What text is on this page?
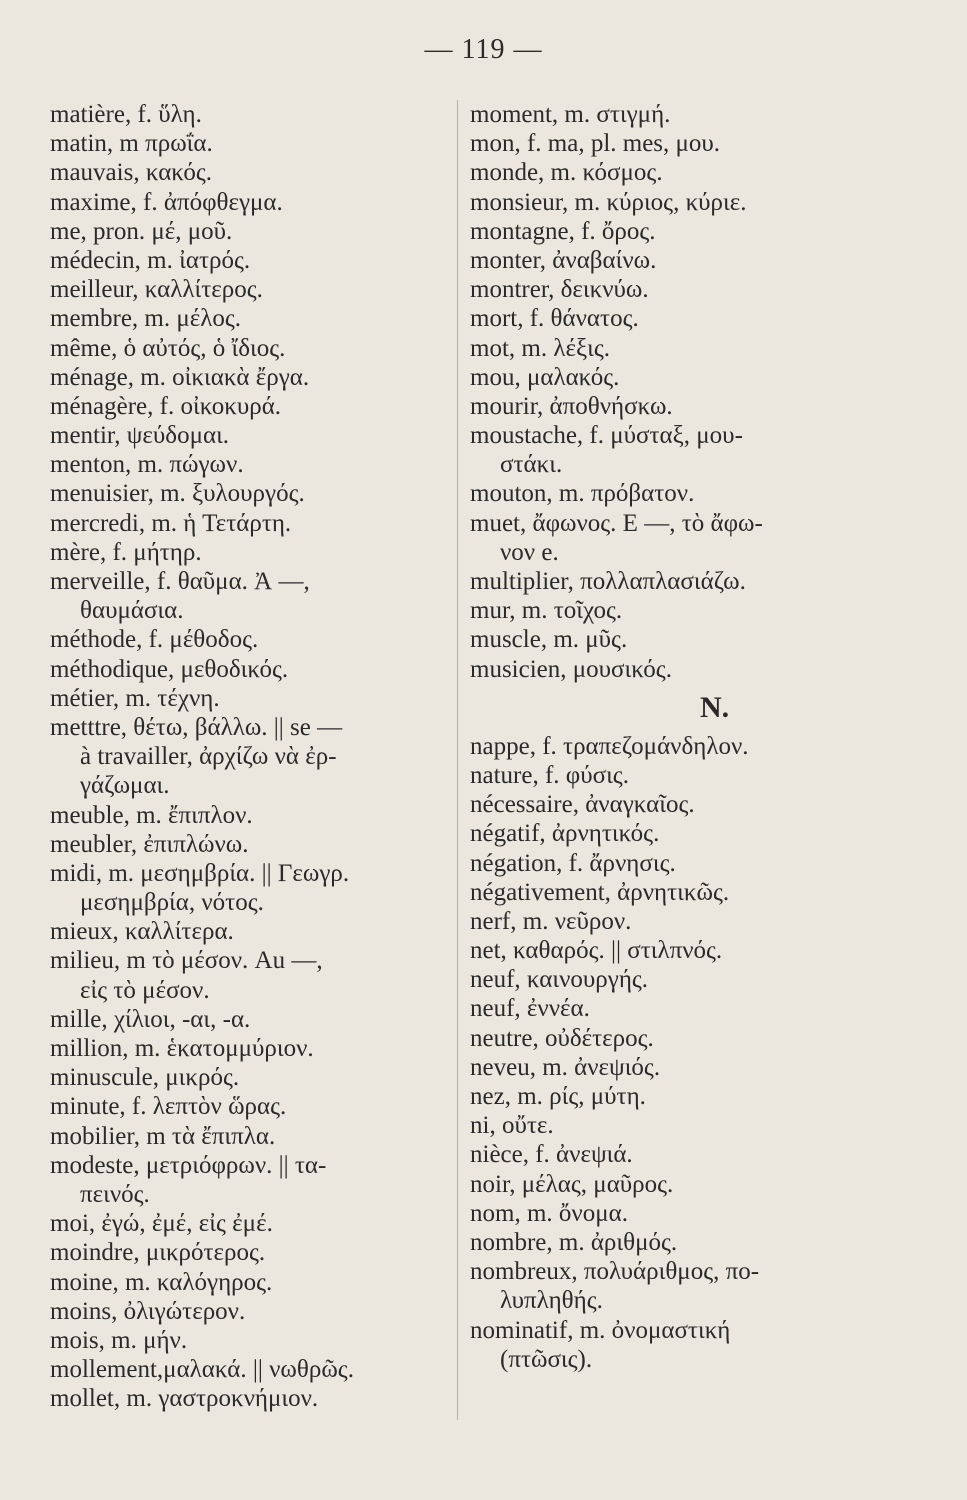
— 119 —
matière, f. ὕλη.
matin, m πρωΐα.
mauvais, κακός.
maxime, f. ἀπόφθεγμα.
me, pron. μέ, μοῦ.
médecin, m. ἰατρός.
meilleur, καλλίτερος.
membre, m. μέλος.
même, ὁ αὐτός, ὁ ἴδιος.
ménage, m. οἰκιακὰ ἔργα.
ménagère, f. οἰκοκυρά.
mentir, ψεύδομαι.
menton, m. πώγων.
menuisier, m. ξυλουργός.
mercredi, m. ἡ Τετάρτη.
mère, f. μήτηρ.
merveille, f. θαῦμα. Ἀ —,
θαυμάσια.
méthode, f. μέθοδος.
méthodique, μεθοδικός.
métier, m. τέχνη.
metttre, θέτω, βάλλω. || se —
à travailler, ἀρχίζω νὰ ἐρ-
γάζωμαι.
meuble, m. ἔπιπλον.
meubler, ἐπιπλώνω.
midi, m. μεσημβρία. || Γεωγρ.
μεσημβρία, νότος.
mieux, καλλίτερα.
milieu, m τὸ μέσον. Au —,
εἰς τὸ μέσον.
mille, χίλιοι, -αι, -α.
million, m. ἑκατομμύριον.
minuscule, μικρός.
minute, f. λεπτὸν ὥρας.
mobilier, m τὰ ἔπιπλα.
modeste, μετριόφρων. || τα-
πεινός.
moi, ἐγώ, ἐμέ, εἰς ἐμέ.
moindre, μικρότερος.
moine, m. καλόγηρος.
moins, ὀλιγώτερον.
mois, m. μήν.
mollement,μαλακά. || νωθρῶς.
mollet, m. γαστροκνήμιον.
moment, m. στιγμή.
mon, f. ma, pl. mes, μου.
monde, m. κόσμος.
monsieur, m. κύριος, κύριε.
montagne, f. ὄρος.
monter, ἀναβαίνω.
montrer, δεικνύω.
mort, f. θάνατος.
mot, m. λέξις.
mou, μαλακός.
mourir, ἀποθνήσκω.
moustache, f. μύσταξ, μου-
στάκι.
mouton, m. πρόβατον.
muet, ἄφωνος. E —, τὸ ἄφω-
νον e.
multiplier, πολλαπλασιάζω.
mur, m. τοῖχος.
muscle, m. μῦς.
musicien, μουσικός.
N.
nappe, f. τραπεζομάνδηλον.
nature, f. φύσις.
nécessaire, ἀναγκαῖος.
négatif, ἀρνητικός.
négation, f. ἄρνησις.
négativement, ἀρνητικῶς.
nerf, m. νεῦρον.
net, καθαρός. || στιλπνός.
neuf, καινουργής.
neuf, ἐννέα.
neutre, οὐδέτερος.
neveu, m. ἀνεψιός.
nez, m. ρίς, μύτη.
ni, οὔτε.
nièce, f. ἀνεψιά.
noir, μέλας, μαῦρος.
nom, m. ὄνομα.
nombre, m. ἀριθμός.
nombreux, πολυάριθμος, πο-
λυπληθής.
nominatif, m. ὀνομαστική
(πτῶσις).
